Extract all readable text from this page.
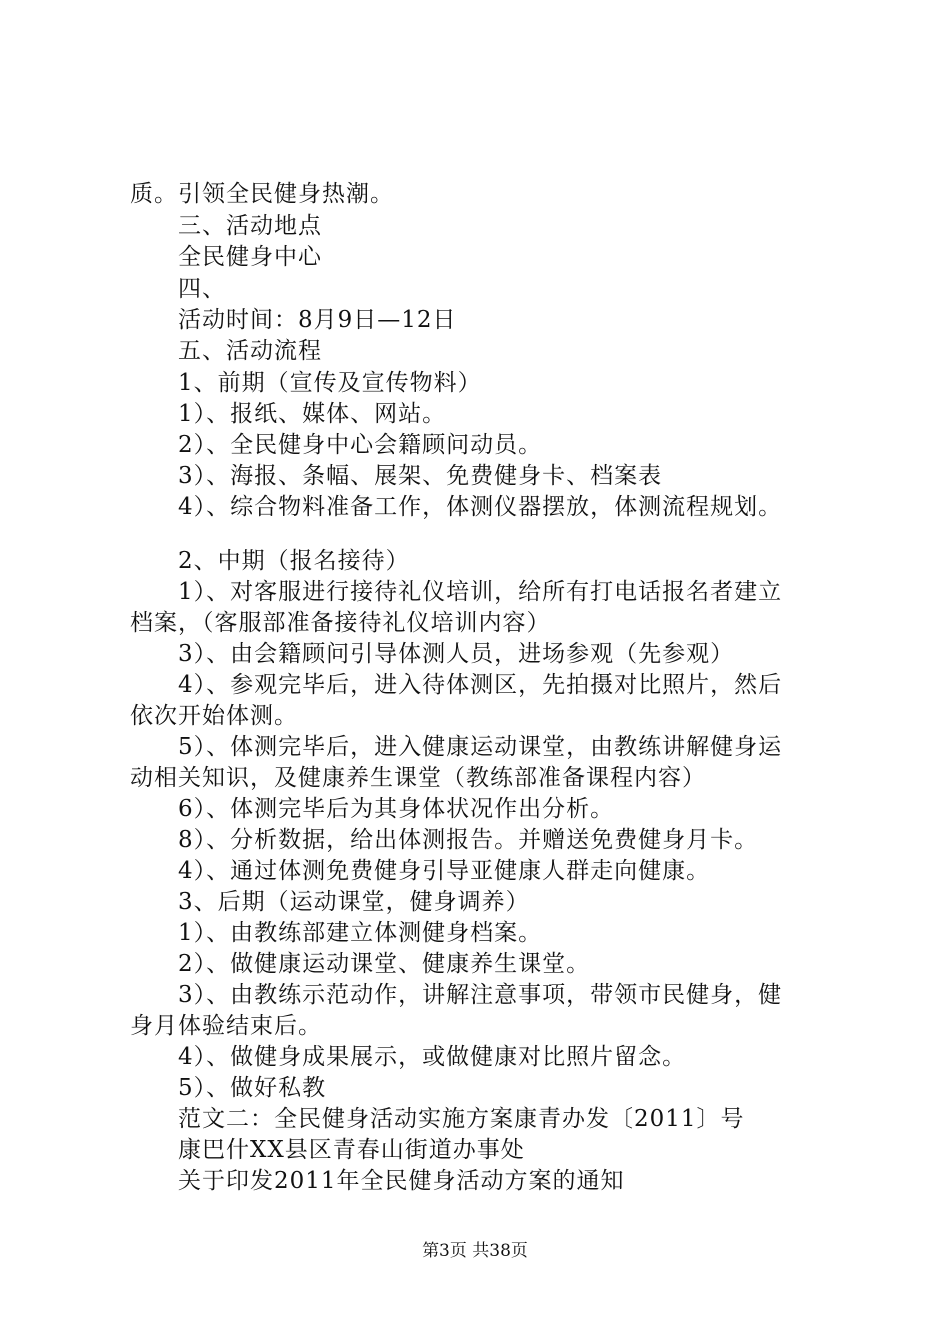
质。引领全民健身热潮。
三、活动地点
全民健身中心
四、
活动时间：8月9日—12日
五、活动流程
1、前期（宣传及宣传物料）
1）、报纸、媒体、网站。
2）、全民健身中心会籍顾问动员。
3）、海报、条幅、展架、免费健身卡、档案表
4）、综合物料准备工作，体测仪器摆放，体测流程规划。
2、中期（报名接待）
1）、对客服进行接待礼仪培训，给所有打电话报名者建立
档案，（客服部准备接待礼仪培训内容）
3）、由会籍顾问引导体测人员，进场参观（先参观）
4）、参观完毕后，进入待体测区，先拍摄对比照片，然后
依次开始体测。
5）、体测完毕后，进入健康运动课堂，由教练讲解健身运
动相关知识，及健康养生课堂（教练部准备课程内容）
6）、体测完毕后为其身体状况作出分析。
8）、分析数据，给出体测报告。并赠送免费健身月卡。
4）、通过体测免费健身引导亚健康人群走向健康。
3、后期（运动课堂，健身调养）
1）、由教练部建立体测健身档案。
2）、做健康运动课堂、健康养生课堂。
3）、由教练示范动作，讲解注意事项，带领市民健身，健
身月体验结束后。
4）、做健身成果展示，或做健康对比照片留念。
5）、做好私教
范文二：全民健身活动实施方案康青办发〔2011〕号
康巴什XX县区青春山街道办事处
关于印发2011年全民健身活动方案的通知
第3页 共38页
